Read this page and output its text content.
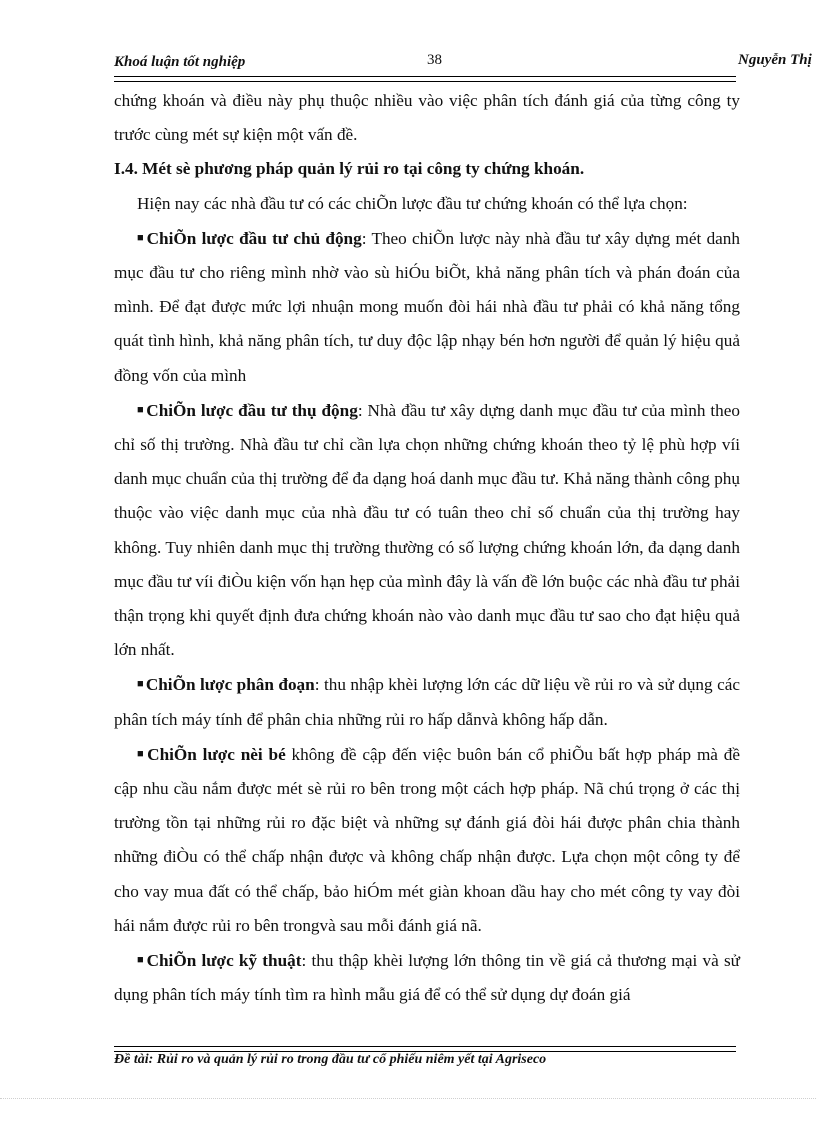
Khoá luận tốt nghiệp	38	Nguyễn Thị

chứng khoán và điều này phụ thuộc nhiều vào việc phân tích đánh giá của từng công ty trước cùng mét sự kiện một vấn đề.

I.4. Mét sè phương pháp quản lý rủi ro tại công ty chứng khoán.

Hiện nay các nhà đầu tư có các chiÕn lược đầu tư chứng khoán có thể lựa chọn:

■ ChiÕn lược đầu tư chủ động: Theo chiÕn lược này nhà đầu tư xây dựng mét danh mục đầu tư cho riêng mình nhờ vào sù hiÓu biÕt, khả năng phân tích và phán đoán của mình. Để đạt được mức lợi nhuận mong muốn đòi hái nhà đầu tư phải có khả năng tổng quát tình hình, khả năng phân tích, tư duy độc lập nhạy bén hơn người để quản lý hiệu quả đồng vốn của mình

■ ChiÕn lược đầu tư thụ động: Nhà đầu tư xây dựng danh mục đầu tư của mình theo chỉ số thị trường. Nhà đầu tư chỉ cần lựa chọn những chứng khoán theo tỷ lệ phù hợp víi danh mục chuẩn của thị trường để đa dạng hoá danh mục đầu tư. Khả năng thành công phụ thuộc vào việc danh mục của nhà đầu tư có tuân theo chỉ số chuẩn của thị trường hay không. Tuy nhiên danh mục thị trường thường có số lượng chứng khoán lớn, đa dạng danh mục đầu tư víi điÒu kiện vốn hạn hẹp của mình đây là vấn đề lớn buộc các nhà đầu tư phải thận trọng khi quyết định đưa chứng khoán nào vào danh mục đầu tư sao cho đạt hiệu quả lớn nhất.

■ ChiÕn lược phân đoạn: thu nhập khèi lượng lớn các dữ liệu về rủi ro và sử dụng các phân tích máy tính để phân chia những rủi ro hấp dẫnvà không hấp dẫn.

■ ChiÕn lược nèi bé không đề cập đến việc buôn bán cổ phiÕu bất hợp pháp mà đề cập nhu cầu nắm được mét sè rủi ro bên trong một cách hợp pháp. Nã chú trọng ở các thị trường tồn tại những rủi ro đặc biệt và những sự đánh giá đòi hái được phân chia thành những điÒu có thể chấp nhận được và không chấp nhận được. Lựa chọn một công ty để cho vay mua đất có thể chấp, bảo hiÓm mét giàn khoan dầu hay cho mét công ty vay đòi hái nắm được rủi ro bên trongvà sau mỗi đánh giá nã.

■ ChiÕn lược kỹ thuật: thu thập khèi lượng lớn thông tin về giá cả thương mại và sử dụng phân tích máy tính tìm ra hình mẫu giá để có thể sử dụng dự đoán giá

Đề tài: Rủi ro và quản lý rủi ro trong đầu tư cổ phiếu niêm yết tại Agriseco
